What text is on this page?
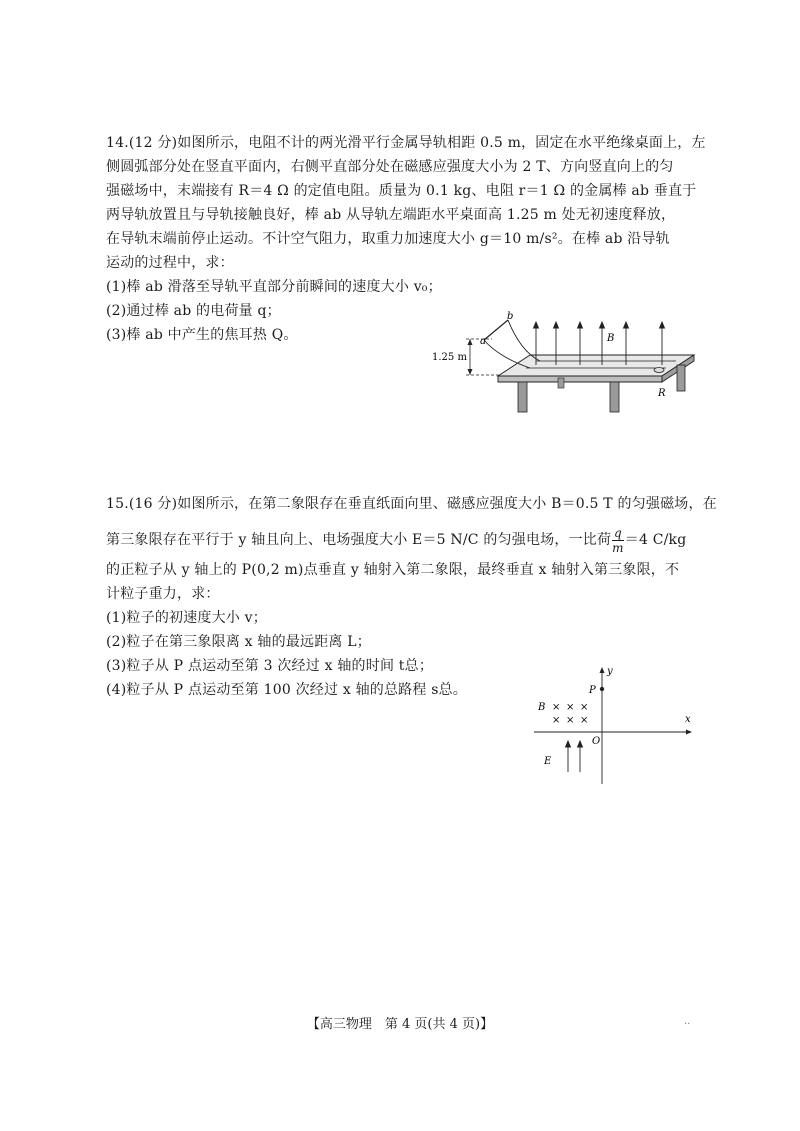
14.(12 分)如图所示，电阻不计的两光滑平行金属导轨相距 0.5 m，固定在水平绝缘桌面上，左
侧圆弧部分处在竖直平面内，右侧平直部分处在磁感应强度大小为 2 T、方向竖直向上的匀
强磁场中，末端接有 R＝4 Ω 的定值电阻。质量为 0.1 kg、电阻 r＝1 Ω 的金属棒 ab 垂直于
两导轨放置且与导轨接触良好，棒 ab 从导轨左端距水平桌面高 1.25 m 处无初速度释放，
在导轨末端前停止运动。不计空气阻力，取重力加速度大小 g＝10 m/s²。在棒 ab 沿导轨
运动的过程中，求：
(1)棒 ab 滑落至导轨平直部分前瞬间的速度大小 v₀；
(2)通过棒 ab 的电荷量 q；
(3)棒 ab 中产生的焦耳热 Q。
1.25 m
R
a
b
B
15.(16 分)如图所示，在第二象限存在垂直纸面向里、磁感应强度大小 B＝0.5 T 的匀强磁场，在
第三象限存在平行于 y 轴且向上、电场强度大小 E＝5 N/C 的匀强电场，一比荷 $\frac{q}{m} =4$ C/kg
的正粒子从 y 轴上的 P(0,2 m)点垂直 y 轴射入第二象限，最终垂直 x 轴射入第三象限，不
计粒子重力，求：
(1)粒子的初速度大小 v；
(2)粒子在第三象限离 x 轴的最远距离 L；
(3)粒子从 P 点运动至第 3 次经过 x 轴的时间 t总；
(4)粒子从 P 点运动至第 100 次经过 x 轴的总路程 s总。
y
x
P
O
B × × ×
× × ×
E
【高三物理　第 4 页(共 4 页)】	..
